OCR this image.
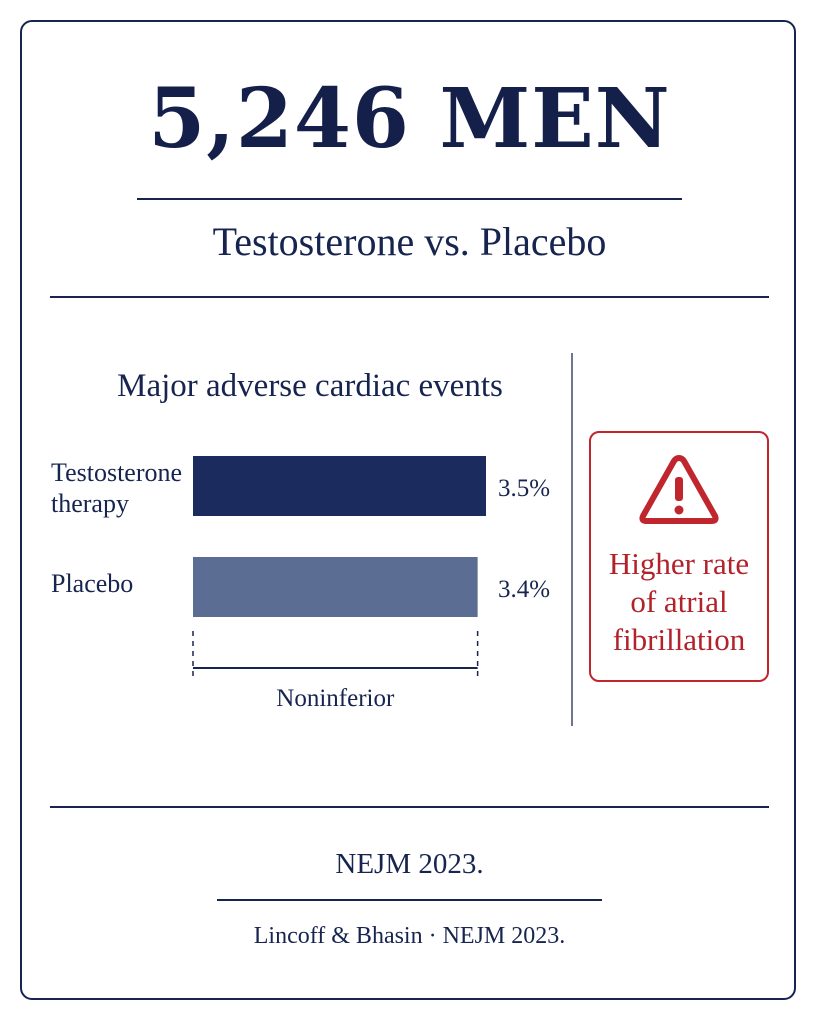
5,246 MEN
Testosterone vs. Placebo
Major adverse cardiac events
3.5%
Testosterone
therapy
3.4%
Placebo
Noninferior
Higher rate
of atrial
fibrillation
NEJM 2023.
Lincoff & Bhasin · NEJM 2023.
